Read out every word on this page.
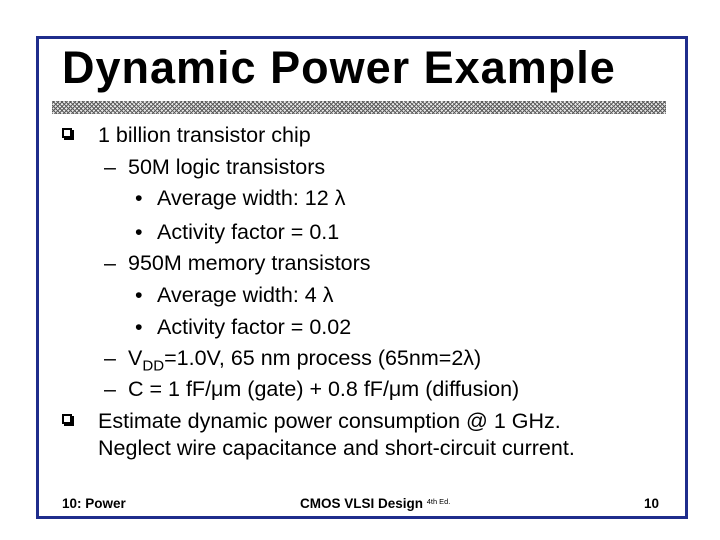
Dynamic Power Example
1 billion transistor chip
– 50M logic transistors
• Average width: 12 λ
• Activity factor = 0.1
– 950M memory transistors
• Average width: 4 λ
• Activity factor = 0.02
– $V_{DD}=1.0V$, 65 nm process (65nm=2λ)
– C = 1 fF/μm (gate) + 0.8 fF/μm (diffusion)
Estimate dynamic power consumption @ 1 GHz.
Neglect wire capacitance and short-circuit current.
10: Power	CMOS VLSI Design $^{4th Ed.}$	10
